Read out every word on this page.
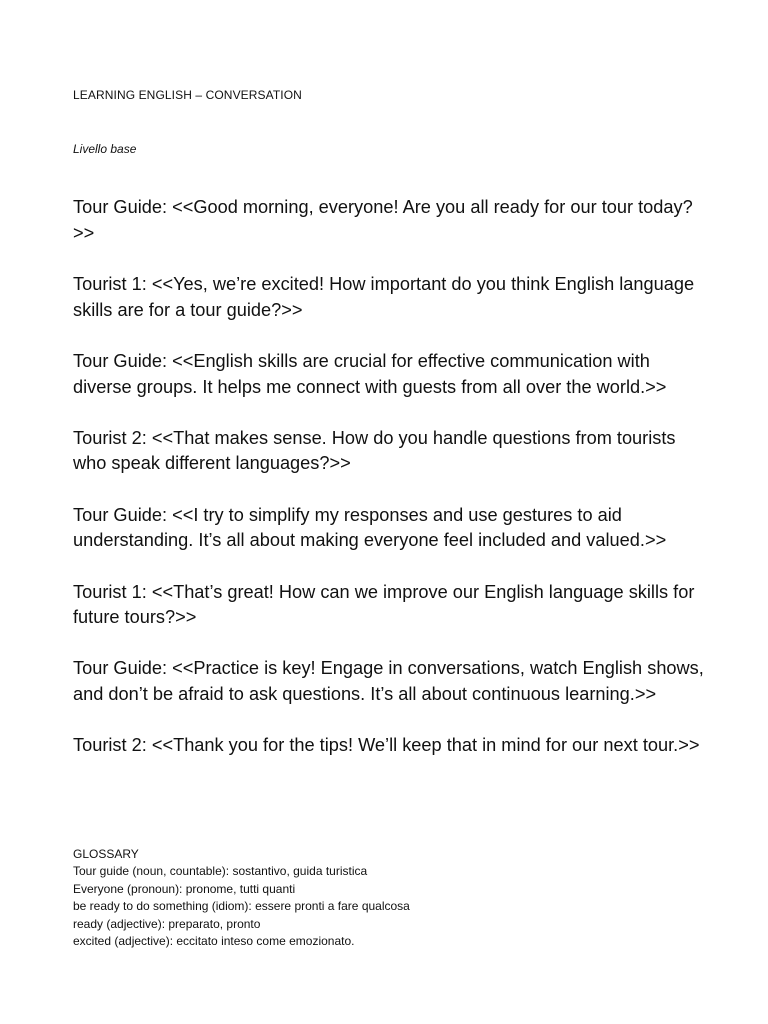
LEARNING ENGLISH – CONVERSATION
Livello base

Tour Guide: <<Good morning, everyone! Are you all ready for our tour today?>>

Tourist 1: <<Yes, we’re excited! How important do you think English language skills are for a tour guide?>>

Tour Guide: <<English skills are crucial for effective communication with diverse groups. It helps me connect with guests from all over the world.>>

Tourist 2: <<That makes sense. How do you handle questions from tourists who speak different languages?>>

Tour Guide: <<I try to simplify my responses and use gestures to aid understanding. It’s all about making everyone feel included and valued.>>

Tourist 1: <<That’s great! How can we improve our English language skills for future tours?>>

Tour Guide: <<Practice is key! Engage in conversations, watch English shows, and don’t be afraid to ask questions. It’s all about continuous learning.>>

Tourist 2: <<Thank you for the tips! We’ll keep that in mind for our next tour.>>

GLOSSARY
Tour guide (noun, countable): sostantivo, guida turistica
Everyone (pronoun): pronome, tutti quanti
be ready to do something (idiom): essere pronti a fare qualcosa
ready (adjective): preparato, pronto
excited (adjective): eccitato inteso come emozionato.
